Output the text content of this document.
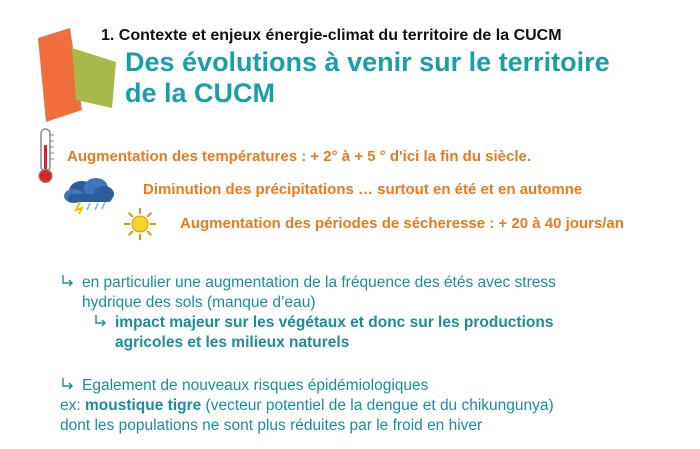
1. Contexte et enjeux énergie-climat du territoire de la CUCM
Des évolutions à venir sur le territoire
de la CUCM
Augmentation des températures : + 2° à + 5 ° d'ici la fin du siècle.
Diminution des précipitations … surtout en été et en automne
Augmentation des périodes de sécheresse : + 20 à 40 jours/an
en particulier une augmentation de la fréquence des étés avec stress
hydrique des sols (manque d’eau)
impact majeur sur les végétaux et donc sur les productions
agricoles et les milieux naturels
Egalement de nouveaux risques épidémiologiques
ex: moustique tigre (vecteur potentiel de la dengue et du chikungunya)
dont les populations ne sont plus réduites par le froid en hiver
